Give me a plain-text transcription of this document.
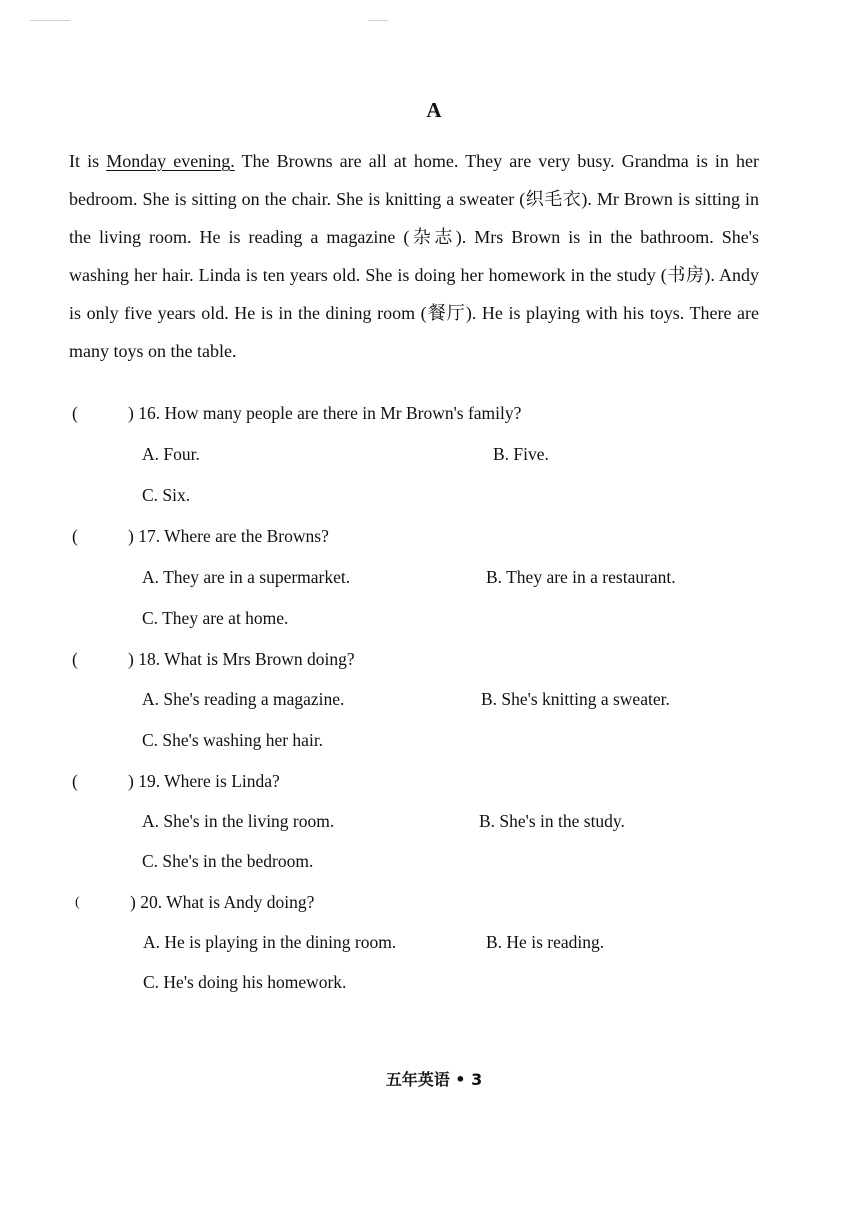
A

It is Monday evening. The Browns are all at home. They are very busy. Grandma is in her bedroom. She is sitting on the chair. She is knitting a sweater (织毛衣). Mr Brown is sitting in the living room. He is reading a magazine (杂志). Mrs Brown is in the bathroom. She's washing her hair. Linda is ten years old. She is doing her homework in the study (书房). Andy is only five years old. He is in the dining room (餐厅). He is playing with his toys. There are many toys on the table.

(	) 16. How many people are there in Mr Brown's family?
A. Four.	B. Five.
C. Six.
(	) 17. Where are the Browns?
A. They are in a supermarket.	B. They are in a restaurant.
C. They are at home.
(	) 18. What is Mrs Brown doing?
A. She's reading a magazine.	B. She's knitting a sweater.
C. She's washing her hair.
(	) 19. Where is Linda?
A. She's in the living room.	B. She's in the study.
C. She's in the bedroom.
(	) 20. What is Andy doing?
A. He is playing in the dining room.	B. He is reading.
C. He's doing his homework.
五年英语 • 3
